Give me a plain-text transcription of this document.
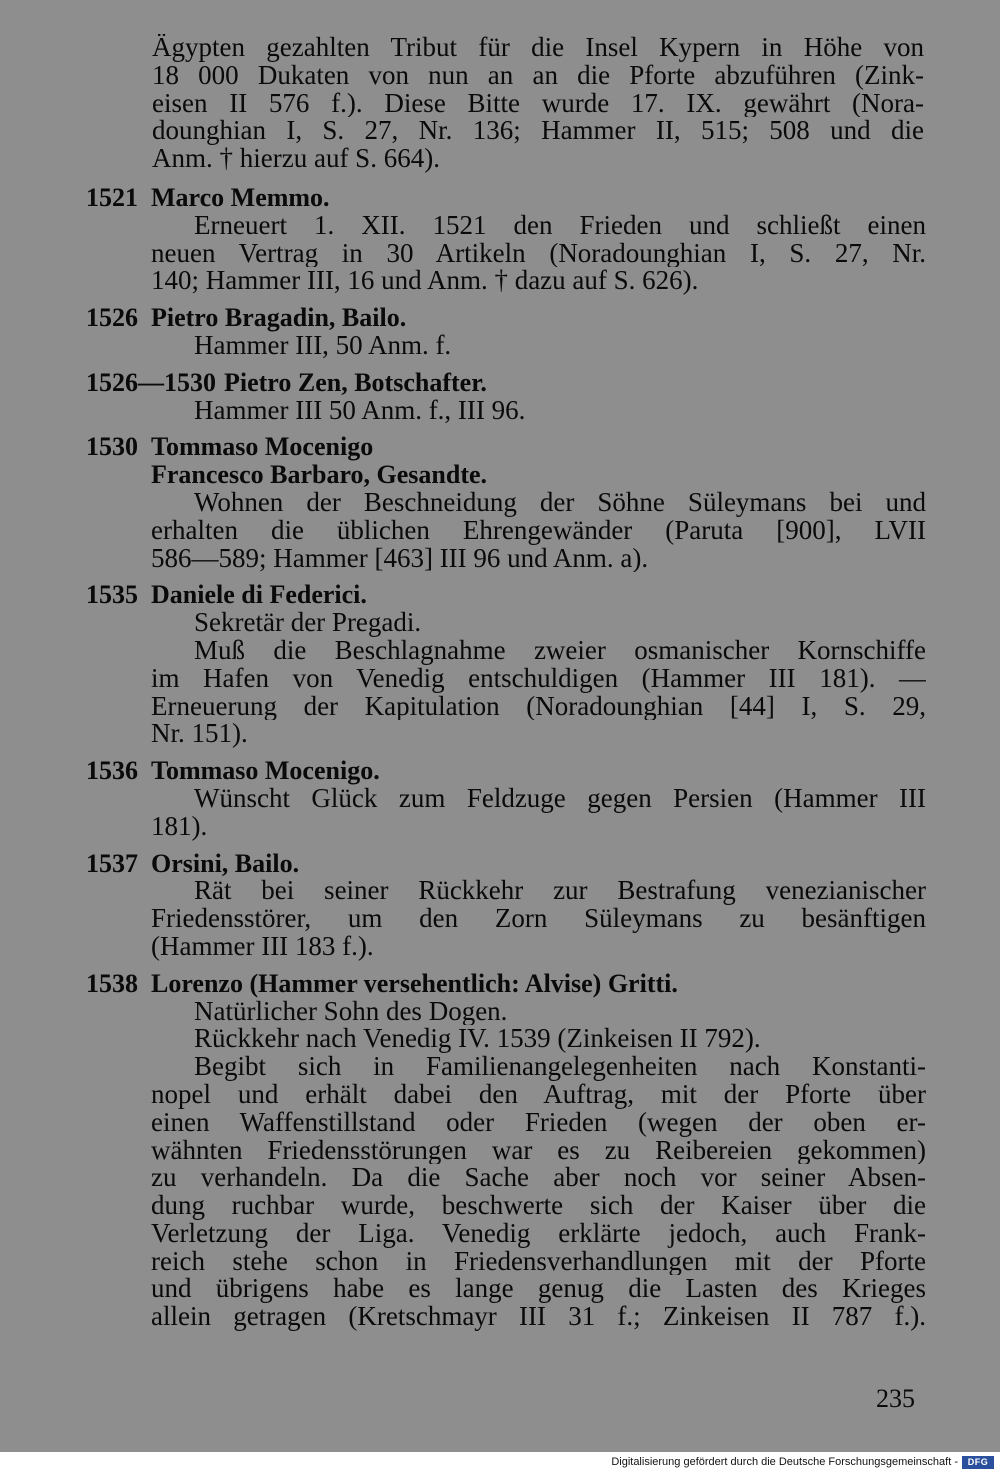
Ägypten gezahlten Tribut für die Insel Kypern in Höhe von
18 000 Dukaten von nun an an die Pforte abzuführen (Zink-
eisen II 576 f.). Diese Bitte wurde 17. IX. gewährt (Nora-
dounghian I, S. 27, Nr. 136; Hammer II, 515; 508 und die
Anm. † hierzu auf S. 664).
1521 Marco Memmo.
Erneuert 1. XII. 1521 den Frieden und schließt einen
neuen Vertrag in 30 Artikeln (Noradounghian I, S. 27, Nr.
140; Hammer III, 16 und Anm. † dazu auf S. 626).
1526 Pietro Bragadin, Bailo.
Hammer III, 50 Anm. f.
1526—1530 Pietro Zen, Botschafter.
Hammer III 50 Anm. f., III 96.
1530 Tommaso Mocenigo
Francesco Barbaro, Gesandte.
Wohnen der Beschneidung der Söhne Süleymans bei und
erhalten die üblichen Ehrengewänder (Paruta [900], LVII
586—589; Hammer [463] III 96 und Anm. a).
1535 Daniele di Federici.
Sekretär der Pregadi.
Muß die Beschlagnahme zweier osmanischer Kornschiffe
im Hafen von Venedig entschuldigen (Hammer III 181). —
Erneuerung der Kapitulation (Noradounghian [44] I, S. 29,
Nr. 151).
1536 Tommaso Mocenigo.
Wünscht Glück zum Feldzuge gegen Persien (Hammer III
181).
1537 Orsini, Bailo.
Rät bei seiner Rückkehr zur Bestrafung venezianischer
Friedensstörer, um den Zorn Süleymans zu besänftigen
(Hammer III 183 f.).
1538 Lorenzo (Hammer versehentlich: Alvise) Gritti.
Natürlicher Sohn des Dogen.
Rückkehr nach Venedig IV. 1539 (Zinkeisen II 792).
Begibt sich in Familienangelegenheiten nach Konstanti-
nopel und erhält dabei den Auftrag, mit der Pforte über
einen Waffenstillstand oder Frieden (wegen der oben er-
wähnten Friedensstörungen war es zu Reibereien gekommen)
zu verhandeln. Da die Sache aber noch vor seiner Absen-
dung ruchbar wurde, beschwerte sich der Kaiser über die
Verletzung der Liga. Venedig erklärte jedoch, auch Frank-
reich stehe schon in Friedensverhandlungen mit der Pforte
und übrigens habe es lange genug die Lasten des Krieges
allein getragen (Kretschmayr III 31 f.; Zinkeisen II 787 f.).
235
Digitalisierung gefördert durch die Deutsche Forschungsgemeinschaft -	DFG
